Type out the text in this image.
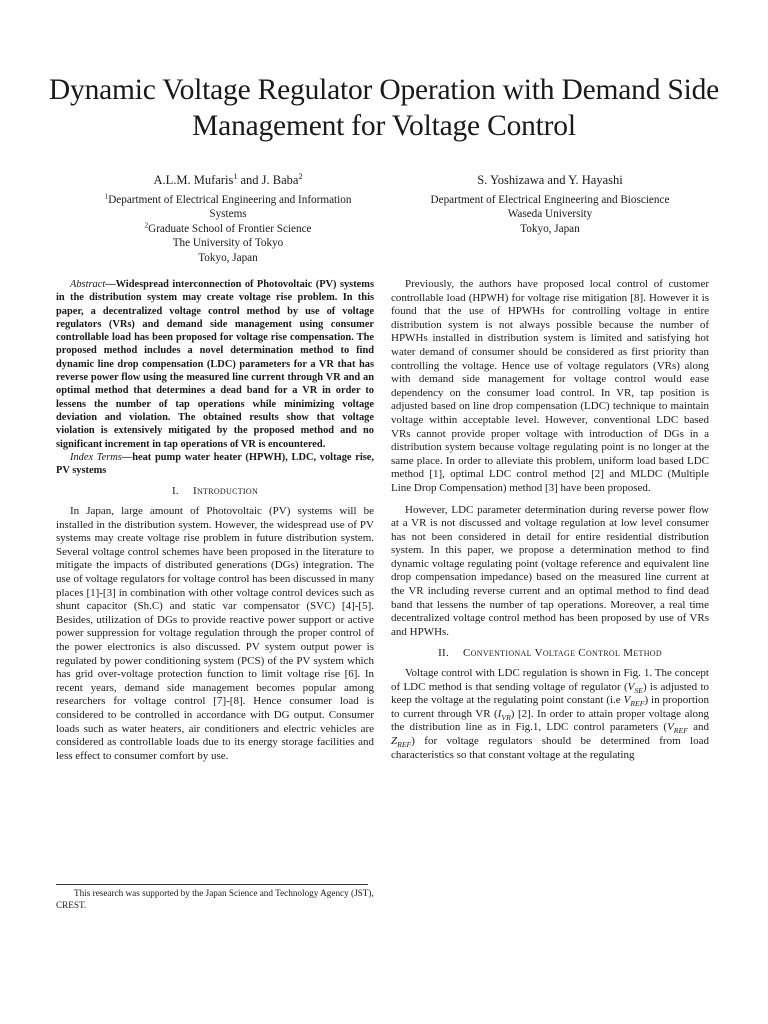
Dynamic Voltage Regulator Operation with Demand Side Management for Voltage Control
A.L.M. Mufaris$^1$ and J. Baba$^2$
$^1$Department of Electrical Engineering and Information Systems
$^2$Graduate School of Frontier Science
The University of Tokyo
Tokyo, Japan
S. Yoshizawa and Y. Hayashi
Department of Electrical Engineering and Bioscience
Waseda University
Tokyo, Japan

Abstract—Widespread interconnection of Photovoltaic (PV) systems in the distribution system may create voltage rise problem. In this paper, a decentralized voltage control method by use of voltage regulators (VRs) and demand side management using consumer controllable load has been proposed for voltage rise compensation. The proposed method includes a novel determination method to find dynamic line drop compensation (LDC) parameters for a VR that has reverse power flow using the measured line current through VR and an optimal method that determines a dead band for a VR in order to lessens the number of tap operations while minimizing voltage deviation and violation. The obtained results show that voltage violation is extensively mitigated by the proposed method and no significant increment in tap operations of VR is encountered.

Index Terms—heat pump water heater (HPWH), LDC, voltage rise, PV systems

I. Introduction

In Japan, large amount of Photovoltaic (PV) systems will be installed in the distribution system. However, the widespread use of PV systems may create voltage rise problem in future distribution system. Several voltage control schemes have been proposed in the literature to mitigate the impacts of distributed generations (DGs) integration. The use of voltage regulators for voltage control has been discussed in many places [1]-[3] in combination with other voltage control devices such as shunt capacitor (Sh.C) and static var compensator (SVC) [4]-[5]. Besides, utilization of DGs to provide reactive power support or active power suppression for voltage regulation through the proper control of the power electronics is also discussed. PV system output power is regulated by power conditioning system (PCS) of the PV system which has grid over-voltage protection function to limit voltage rise [6]. In recent years, demand side management becomes popular among researchers for voltage control [7]-[8]. Hence consumer load is considered to be controlled in accordance with DG output. Consumer loads such as water heaters, air conditioners and electric vehicles are considered as controllable loads due to its energy storage facilities and less effect to consumer comfort by use.

Previously, the authors have proposed local control of customer controllable load (HPWH) for voltage rise mitigation [8]. However it is found that the use of HPWHs for controlling voltage in entire distribution system is not always possible because the number of HPWHs installed in distribution system is limited and satisfying hot water demand of consumer should be considered as first priority than controlling the voltage. Hence use of voltage regulators (VRs) along with demand side management for voltage control would ease dependency on the consumer load control. In VR, tap position is adjusted based on line drop compensation (LDC) technique to maintain voltage within acceptable level. However, conventional LDC based VRs cannot provide proper voltage with introduction of DGs in a distribution system because voltage regulating point is no longer at the same place. In order to alleviate this problem, uniform load based LDC method [1], optimal LDC control method [2] and MLDC (Multiple Line Drop Compensation) method [3] have been proposed.

However, LDC parameter determination during reverse power flow at a VR is not discussed and voltage regulation at low level consumer has not been considered in detail for entire residential distribution system. In this paper, we propose a determination method to find dynamic voltage regulating point (voltage reference and equivalent line drop compensation impedance) based on the measured line current at the VR including reverse current and an optimal method to find dead band that lessens the number of tap operations. Moreover, a real time decentralized voltage control method has been proposed by use of VRs and HPWHs.

II. Conventional Voltage Control Method

Voltage control with LDC regulation is shown in Fig. 1. The concept of LDC method is that sending voltage of regulator $(V_{SE})$ is adjusted to keep the voltage at the regulating point constant (i.e $V_{REF}$) in proportion to current through VR $(I_{VR})$ [2]. In order to attain proper voltage along the distribution line as in Fig.1, LDC control parameters ($V_{REF}$ and $Z_{REF}$) for voltage regulators should be determined from load characteristics so that constant voltage at the regulating

This research was supported by the Japan Science and Technology Agency (JST), CREST.
